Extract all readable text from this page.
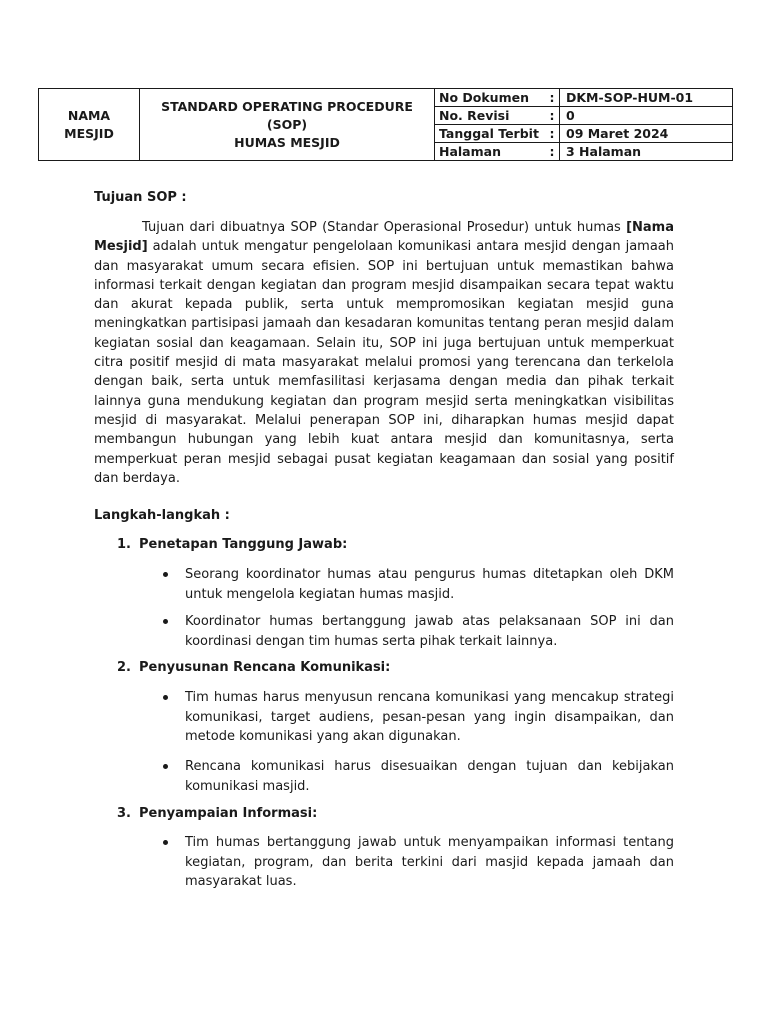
NAMA
MESJID
STANDARD OPERATING PROCEDURE
(SOP)
HUMAS MESJID
No Dokumen	: DKM-SOP-HUM-01
No. Revisi	: 0
Tanggal Terbit : 09 Maret 2024
Halaman	: 3 Halaman
Tujuan SOP :

Tujuan dari dibuatnya SOP (Standar Operasional Prosedur) untuk humas [Nama Mesjid] adalah untuk mengatur pengelolaan komunikasi antara mesjid dengan jamaah dan masyarakat umum secara efisien. SOP ini bertujuan untuk memastikan bahwa informasi terkait dengan kegiatan dan program mesjid disampaikan secara tepat waktu dan akurat kepada publik, serta untuk mempromosikan kegiatan mesjid guna meningkatkan partisipasi jamaah dan kesadaran komunitas tentang peran mesjid dalam kegiatan sosial dan keagamaan. Selain itu, SOP ini juga bertujuan untuk memperkuat citra positif mesjid di mata masyarakat melalui promosi yang terencana dan terkelola dengan baik, serta untuk memfasilitasi kerjasama dengan media dan pihak terkait lainnya guna mendukung kegiatan dan program mesjid serta meningkatkan visibilitas mesjid di masyarakat. Melalui penerapan SOP ini, diharapkan humas mesjid dapat membangun hubungan yang lebih kuat antara mesjid dan komunitasnya, serta memperkuat peran mesjid sebagai pusat kegiatan keagamaan dan sosial yang positif dan berdaya.

Langkah-langkah :
1. Penetapan Tanggung Jawab:
Seorang koordinator humas atau pengurus humas ditetapkan oleh DKM untuk mengelola kegiatan humas masjid.
Koordinator humas bertanggung jawab atas pelaksanaan SOP ini dan koordinasi dengan tim humas serta pihak terkait lainnya.
2. Penyusunan Rencana Komunikasi:
Tim humas harus menyusun rencana komunikasi yang mencakup strategi komunikasi, target audiens, pesan-pesan yang ingin disampaikan, dan metode komunikasi yang akan digunakan.
Rencana komunikasi harus disesuaikan dengan tujuan dan kebijakan komunikasi masjid.
3. Penyampaian Informasi:
Tim humas bertanggung jawab untuk menyampaikan informasi tentang kegiatan, program, dan berita terkini dari masjid kepada jamaah dan masyarakat luas.
